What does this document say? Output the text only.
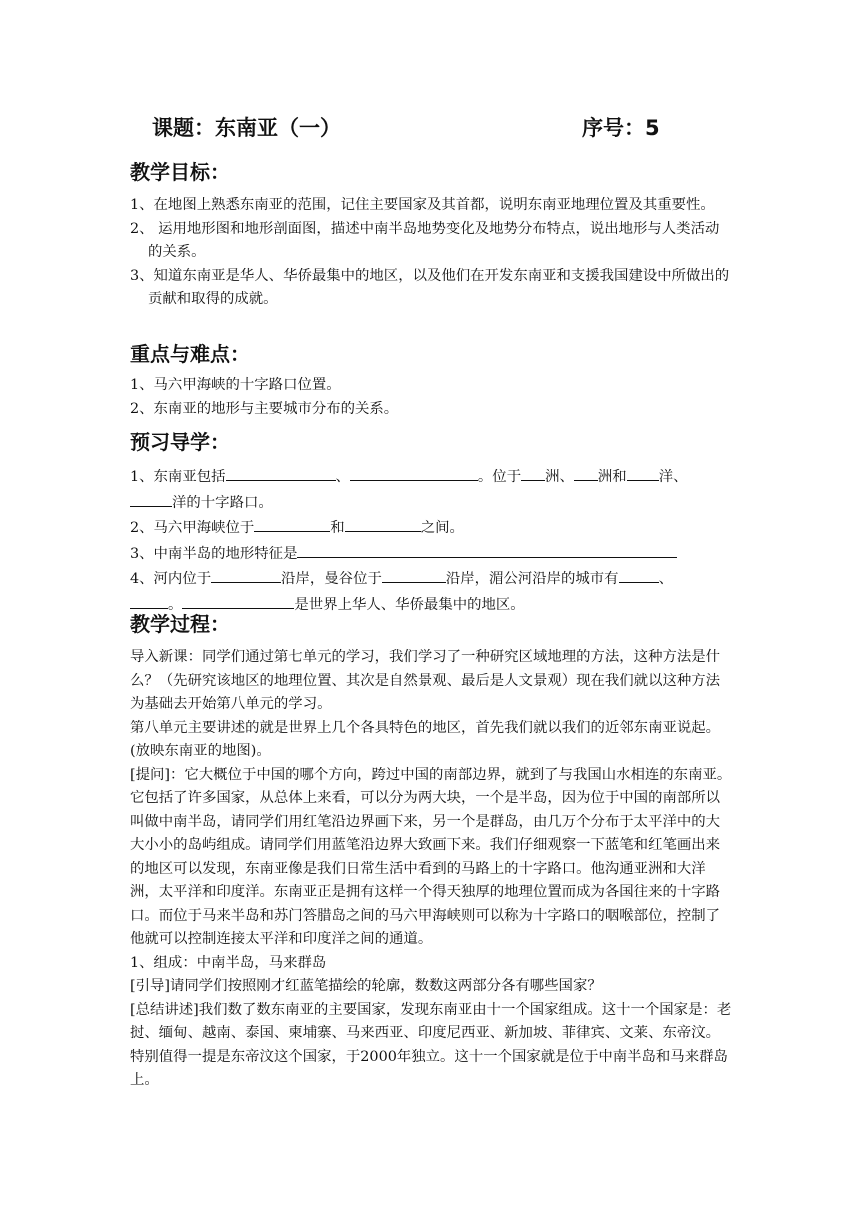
课题：东南亚（一）	序号：5
教学目标：

1、在地图上熟悉东南亚的范围，记住主要国家及其首都，说明东南亚地理位置及其重要性。

2、 运用地形图和地形剖面图，描述中南半岛地势变化及地势分布特点，说出地形与人类活动的关系。

3、知道东南亚是华人、华侨最集中的地区，以及他们在开发东南亚和支援我国建设中所做出的贡献和取得的成就。

重点与难点：

1、马六甲海峡的十字路口位置。

2、东南亚的地形与主要城市分布的关系。

预习导学：

1、东南亚包括	、	。位于 洲、 洲和 洋、
洋的十字路口。

2、马六甲海峡位于	和	之间。

3、中南半岛的地形特征是

4、河内位于	沿岸，曼谷位于	沿岸，湄公河沿岸的城市有	、
。	是世界上华人、华侨最集中的地区。

教学过程：

导入新课：同学们通过第七单元的学习，我们学习了一种研究区域地理的方法，这种方法是什么？（先研究该地区的地理位置、其次是自然景观、最后是人文景观）现在我们就以这种方法为基础去开始第八单元的学习。

第八单元主要讲述的就是世界上几个各具特色的地区，首先我们就以我们的近邻东南亚说起。(放映东南亚的地图)。

[提问]：它大概位于中国的哪个方向，跨过中国的南部边界，就到了与我国山水相连的东南亚。它包括了许多国家，从总体上来看，可以分为两大块，一个是半岛，因为位于中国的南部所以叫做中南半岛，请同学们用红笔沿边界画下来，另一个是群岛，由几万个分布于太平洋中的大大小小的岛屿组成。请同学们用蓝笔沿边界大致画下来。我们仔细观察一下蓝笔和红笔画出来的地区可以发现，东南亚像是我们日常生活中看到的马路上的十字路口。他沟通亚洲和大洋洲，太平洋和印度洋。东南亚正是拥有这样一个得天独厚的地理位置而成为各国往来的十字路口。而位于马来半岛和苏门答腊岛之间的马六甲海峡则可以称为十字路口的咽喉部位，控制了他就可以控制连接太平洋和印度洋之间的通道。

1、组成：中南半岛，马来群岛

[引导]请同学们按照刚才红蓝笔描绘的轮廓，数数这两部分各有哪些国家？

[总结讲述]我们数了数东南亚的主要国家，发现东南亚由十一个国家组成。这十一个国家是：老挝、缅甸、越南、泰国、柬埔寨、马来西亚、印度尼西亚、新加坡、菲律宾、文莱、东帝汶。特别值得一提是东帝汶这个国家，于2000年独立。这十一个国家就是位于中南半岛和马来群岛上。
